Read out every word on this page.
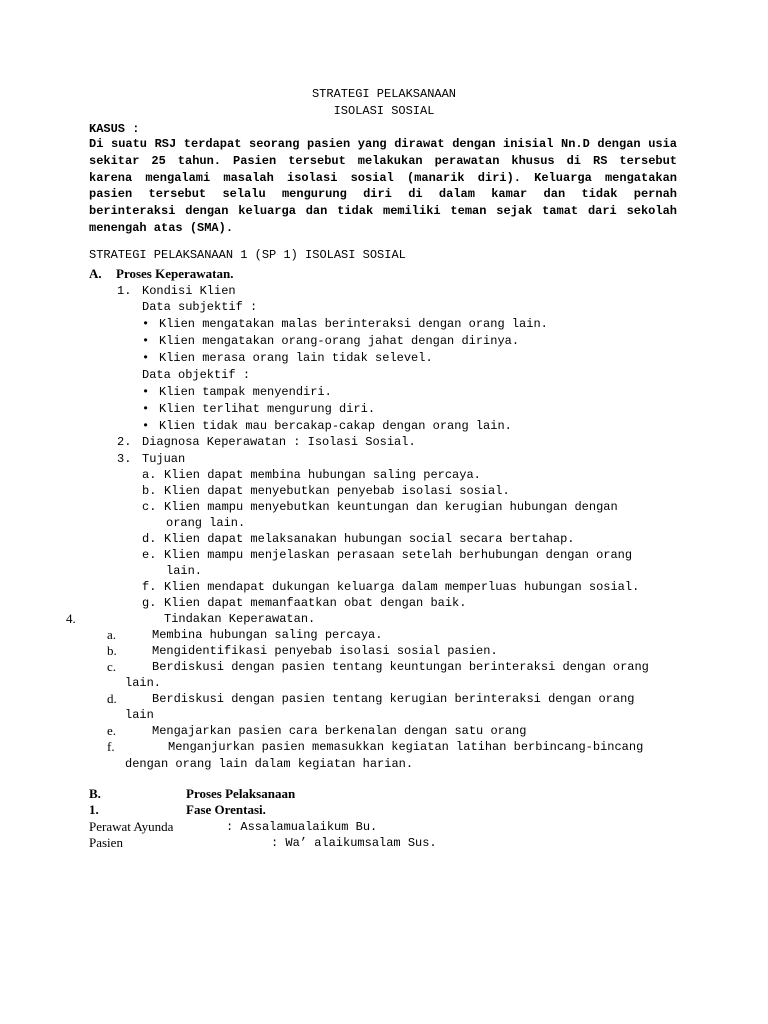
STRATEGI PELAKSANAAN
ISOLASI SOSIAL
KASUS :
Di suatu RSJ terdapat seorang pasien yang dirawat dengan inisial Nn.D dengan usia sekitar 25 tahun. Pasien tersebut melakukan perawatan khusus di RS tersebut karena mengalami masalah isolasi sosial (manarik diri). Keluarga mengatakan pasien tersebut selalu mengurung diri di dalam kamar dan tidak pernah berinteraksi dengan keluarga dan tidak memiliki teman sejak tamat dari sekolah menengah atas (SMA).
STRATEGI PELAKSANAAN 1 (SP 1) ISOLASI SOSIAL
A. Proses Keperawatan.
1. Kondisi Klien
Data subjektif :
• Klien mengatakan malas berinteraksi dengan orang lain.
• Klien mengatakan orang-orang jahat dengan dirinya.
• Klien merasa orang lain tidak selevel.
Data objektif :
• Klien tampak menyendiri.
• Klien terlihat mengurung diri.
• Klien tidak mau bercakap-cakap dengan orang lain.
2. Diagnosa Keperawatan : Isolasi Sosial.
3. Tujuan
a. Klien dapat membina hubungan saling percaya.
b. Klien dapat menyebutkan penyebab isolasi sosial.
c. Klien mampu menyebutkan keuntungan dan kerugian hubungan dengan
orang lain.
d. Klien dapat melaksanakan hubungan social secara bertahap.
e. Klien mampu menjelaskan perasaan setelah berhubungan dengan orang
lain.
f. Klien mendapat dukungan keluarga dalam memperluas hubungan sosial.
g. Klien dapat memanfaatkan obat dengan baik.
4.	Tindakan Keperawatan.
a.	Membina hubungan saling percaya.
b.	Mengidentifikasi penyebab isolasi sosial pasien.
c.	Berdiskusi dengan pasien tentang keuntungan berinteraksi dengan orang
lain.
d.	Berdiskusi dengan pasien tentang kerugian berinteraksi dengan orang
lain
e.	Mengajarkan pasien cara berkenalan dengan satu orang
f.	Menganjurkan pasien memasukkan kegiatan latihan berbincang-bincang
dengan orang lain dalam kegiatan harian.
B.	Proses Pelaksanaan
1.	Fase Orentasi.
Perawat Ayunda	: Assalamualaikum Bu.
Pasien	: Wa’ alaikumsalam Sus.
